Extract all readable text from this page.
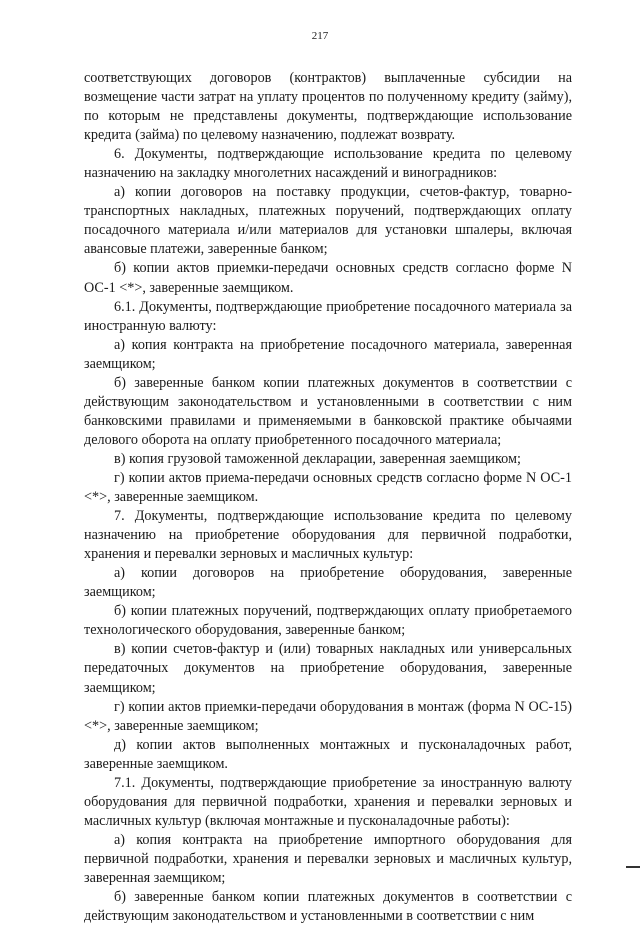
217

соответствующих договоров (контрактов) выплаченные субсидии на возмещение части затрат на уплату процентов по полученному кредиту (займу), по которым не представлены документы, подтверждающие использование кредита (займа) по целевому назначению, подлежат возврату.

6. Документы, подтверждающие использование кредита по целевому назначению на закладку многолетних насаждений и виноградников:

а) копии договоров на поставку продукции, счетов-фактур, товарно-транспортных накладных, платежных поручений, подтверждающих оплату посадочного материала и/или материалов для установки шпалеры, включая авансовые платежи, заверенные банком;

б) копии актов приемки-передачи основных средств согласно форме N ОС-1 <*>, заверенные заемщиком.

6.1. Документы, подтверждающие приобретение посадочного материала за иностранную валюту:

а) копия контракта на приобретение посадочного материала, заверенная заемщиком;

б) заверенные банком копии платежных документов в соответствии с действующим законодательством и установленными в соответствии с ним банковскими правилами и применяемыми в банковской практике обычаями делового оборота на оплату приобретенного посадочного материала;

в) копия грузовой таможенной декларации, заверенная заемщиком;

г) копии актов приема-передачи основных средств согласно форме N ОС-1 <*>, заверенные заемщиком.

7. Документы, подтверждающие использование кредита по целевому назначению на приобретение оборудования для первичной подработки, хранения и перевалки зерновых и масличных культур:

а) копии договоров на приобретение оборудования, заверенные заемщиком;

б) копии платежных поручений, подтверждающих оплату приобретаемого технологического оборудования, заверенные банком;

в) копии счетов-фактур и (или) товарных накладных или универсальных передаточных документов на приобретение оборудования, заверенные заемщиком;

г) копии актов приемки-передачи оборудования в монтаж (форма N ОС-15) <*>, заверенные заемщиком;

д) копии актов выполненных монтажных и пусконаладочных работ, заверенные заемщиком.

7.1. Документы, подтверждающие приобретение за иностранную валюту оборудования для первичной подработки, хранения и перевалки зерновых и масличных культур (включая монтажные и пусконаладочные работы):

а) копия контракта на приобретение импортного оборудования для первичной подработки, хранения и перевалки зерновых и масличных культур, заверенная заемщиком;

б) заверенные банком копии платежных документов в соответствии с действующим законодательством и установленными в соответствии с ним
